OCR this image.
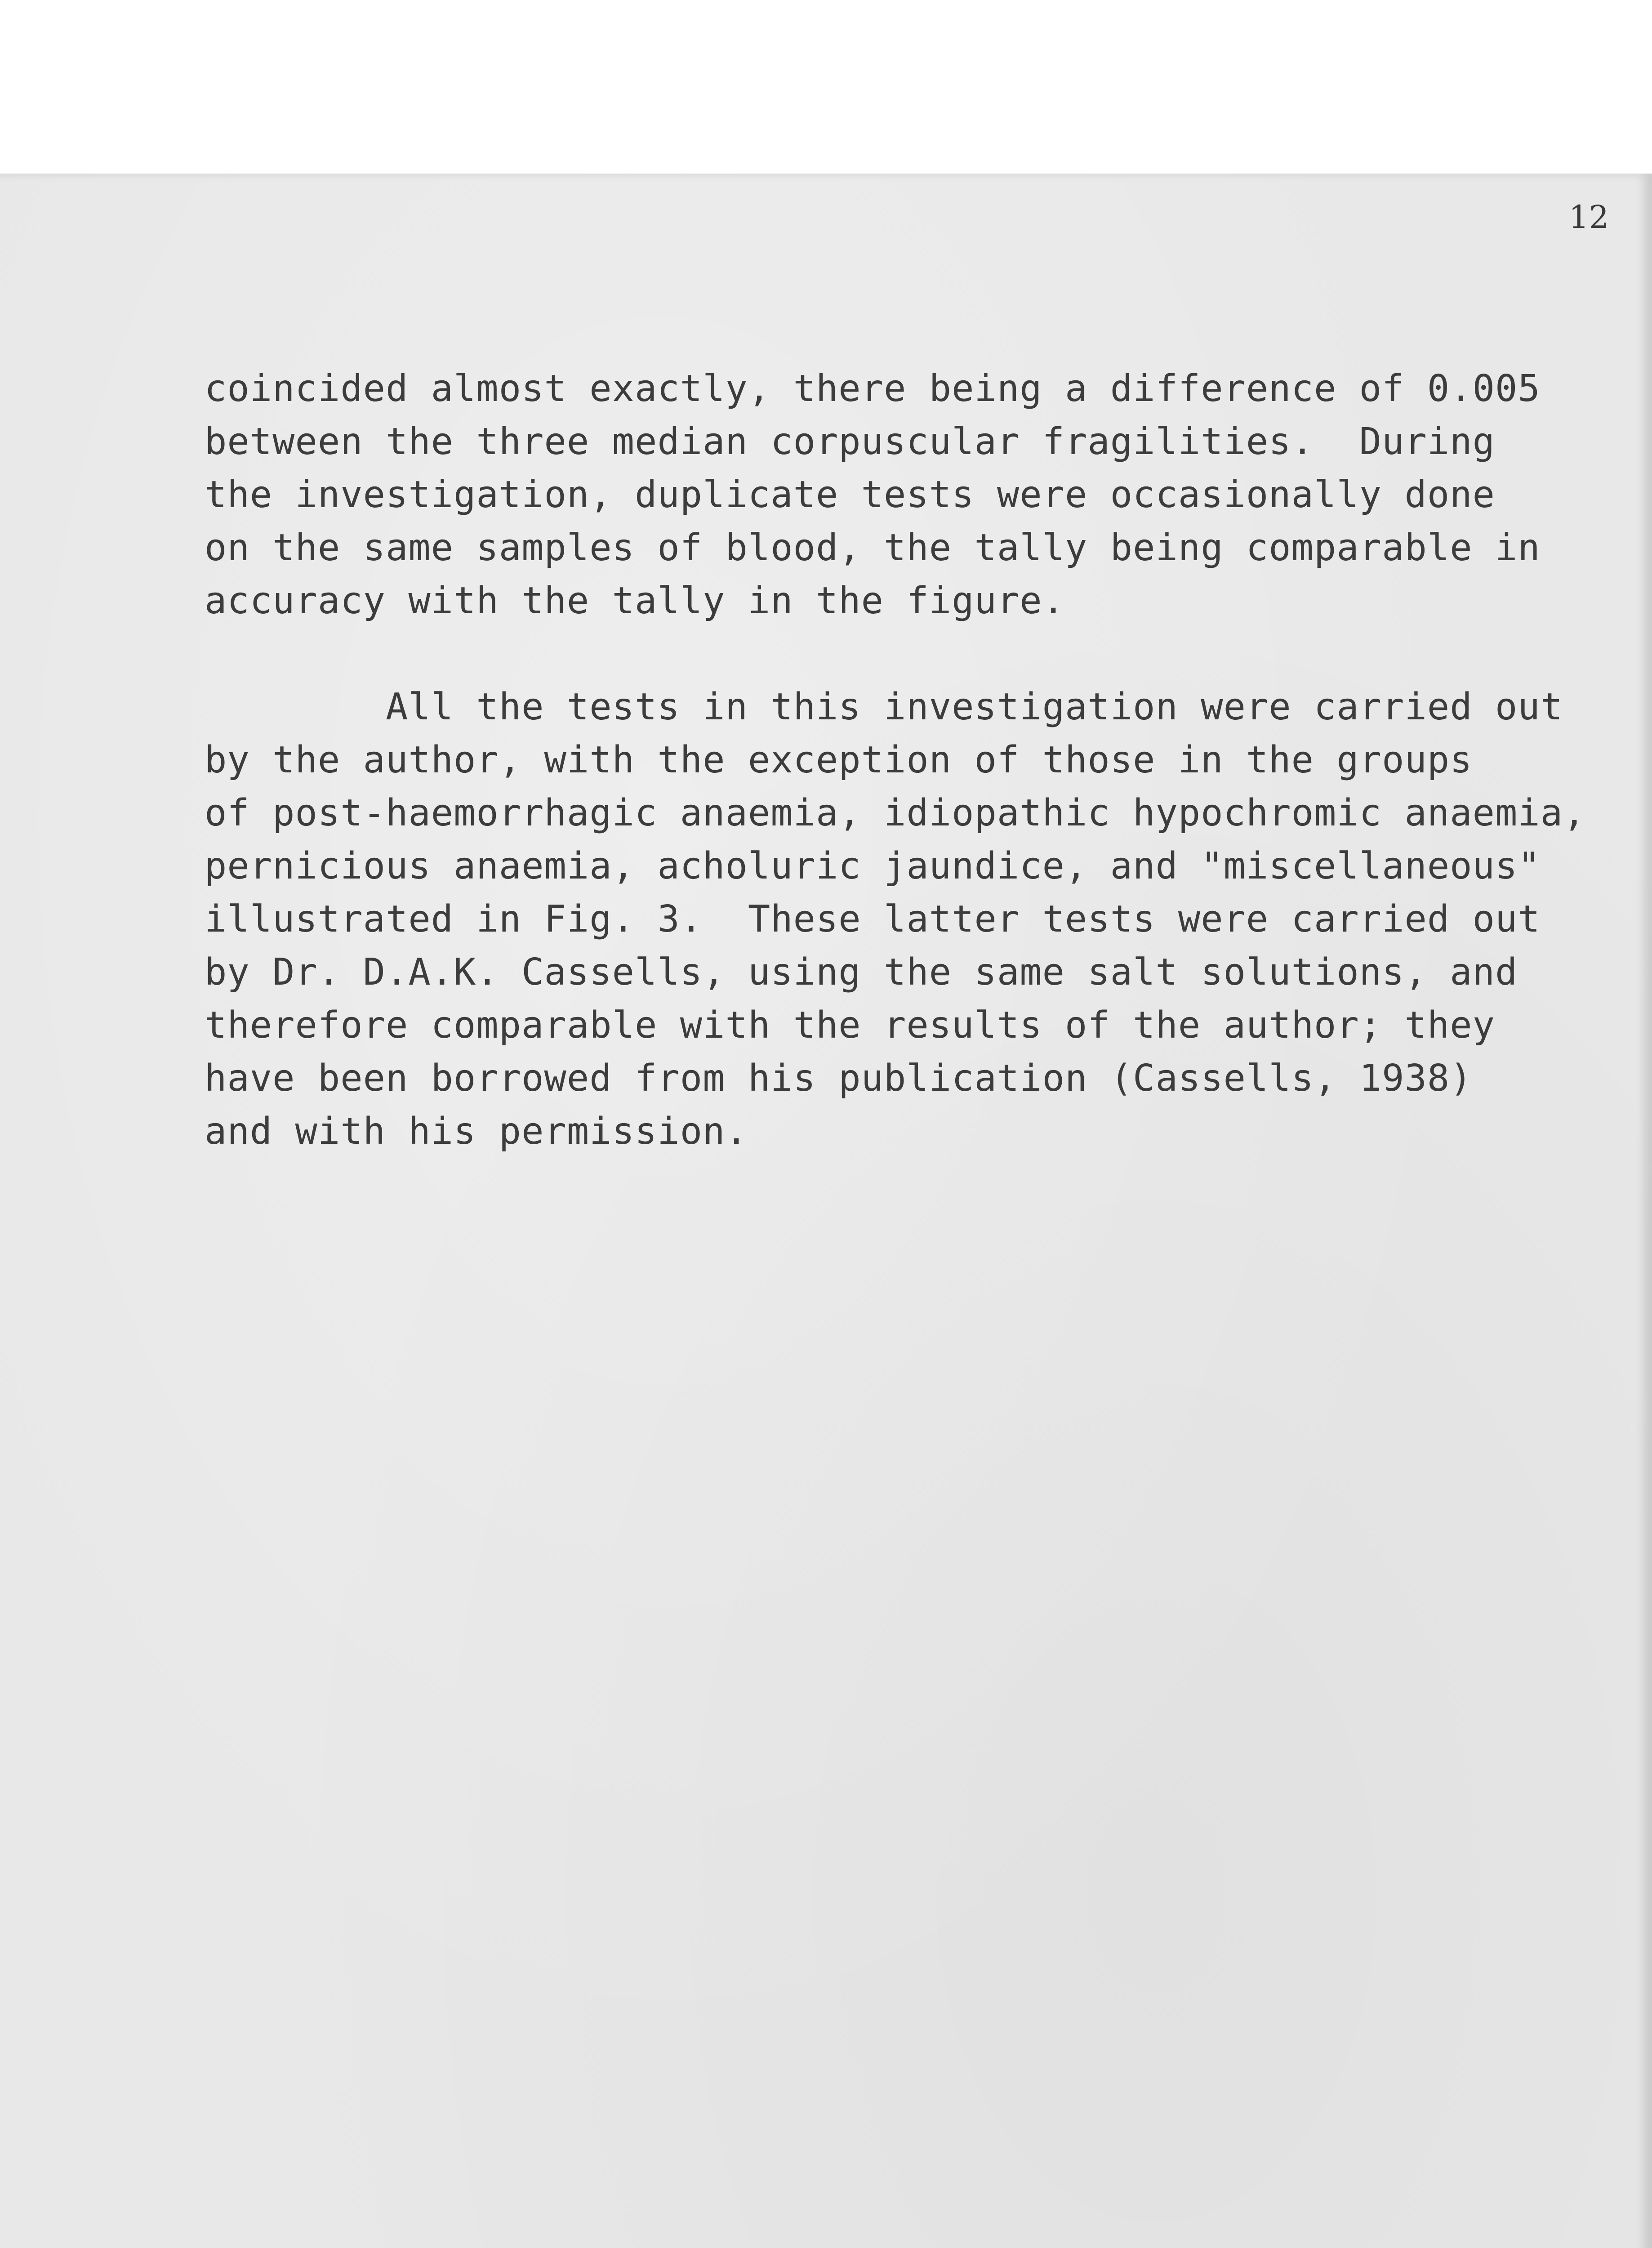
12

coincided almost exactly, there being a difference of 0.005
between the three median corpuscular fragilities.  During
the investigation, duplicate tests were occasionally done
on the same samples of blood, the tally being comparable in
accuracy with the tally in the figure.

All the tests in this investigation were carried out
by the author, with the exception of those in the groups
of post-haemorrhagic anaemia, idiopathic hypochromic anaemia,
pernicious anaemia, acholuric jaundice, and "miscellaneous"
illustrated in Fig. 3.  These latter tests were carried out
by Dr. D.A.K. Cassells, using the same salt solutions, and
therefore comparable with the results of the author; they
have been borrowed from his publication (Cassells, 1938)
and with his permission.
